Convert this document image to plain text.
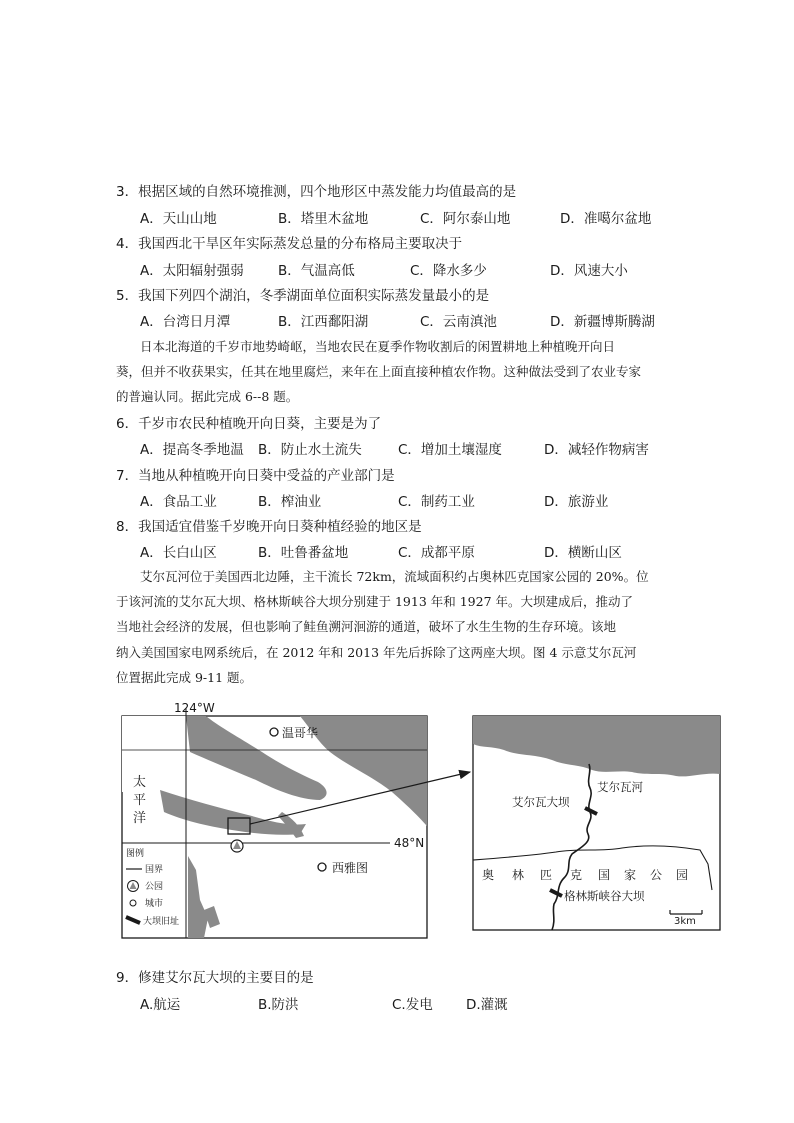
3．根据区域的自然环境推测，四个地形区中蒸发能力均值最高的是
A．天山山地	B．塔里木盆地	C．阿尔泰山地	D．准噶尔盆地
4．我国西北干旱区年实际蒸发总量的分布格局主要取决于
A．太阳辐射强弱	B．气温高低	C．降水多少	D．风速大小
5．我国下列四个湖泊，冬季湖面单位面积实际蒸发量最小的是
A．台湾日月潭	B．江西鄱阳湖	C．云南滇池	D．新疆博斯腾湖
日本北海道的千岁市地势崎岖，当地农民在夏季作物收割后的闲置耕地上种植晚开向日
葵，但并不收获果实，任其在地里腐烂，来年在上面直接种植农作物。这种做法受到了农业专家
的普遍认同。据此完成 6--8 题。
6．千岁市农民种植晚开向日葵，主要是为了
A．提高冬季地温 B．防止水土流失	C．增加土壤湿度	D．减轻作物病害
7．当地从种植晚开向日葵中受益的产业部门是
A．食品工业	B．榨油业	C．制药工业	D．旅游业
8．我国适宜借鉴千岁晚开向日葵种植经验的地区是
A．长白山区	B．吐鲁番盆地	C．成都平原	D．横断山区
艾尔瓦河位于美国西北边陲，主干流长 72km，流域面积约占奥林匹克国家公园的 20%。位
于该河流的艾尔瓦大坝、格林斯峡谷大坝分别建于 1913 年和 1927 年。大坝建成后，推动了
当地社会经济的发展，但也影响了鲑鱼溯河洄游的通道，破坏了水生生物的生存环境。该地
纳入美国国家电网系统后，在 2012 年和 2013 年先后拆除了这两座大坝。图 4 示意艾尔瓦河
位置据此完成 9-11 题。
温哥华
西雅图
太
平
洋
124°W
48°N
图例
国界
公园
城市
大坝旧址
艾尔瓦河
艾尔瓦大坝
奥 林 匹 克 国 家 公 园
格林斯峡谷大坝
3km
9．修建艾尔瓦大坝的主要目的是
A.航运	B.防洪	C.发电 D.灌溉
